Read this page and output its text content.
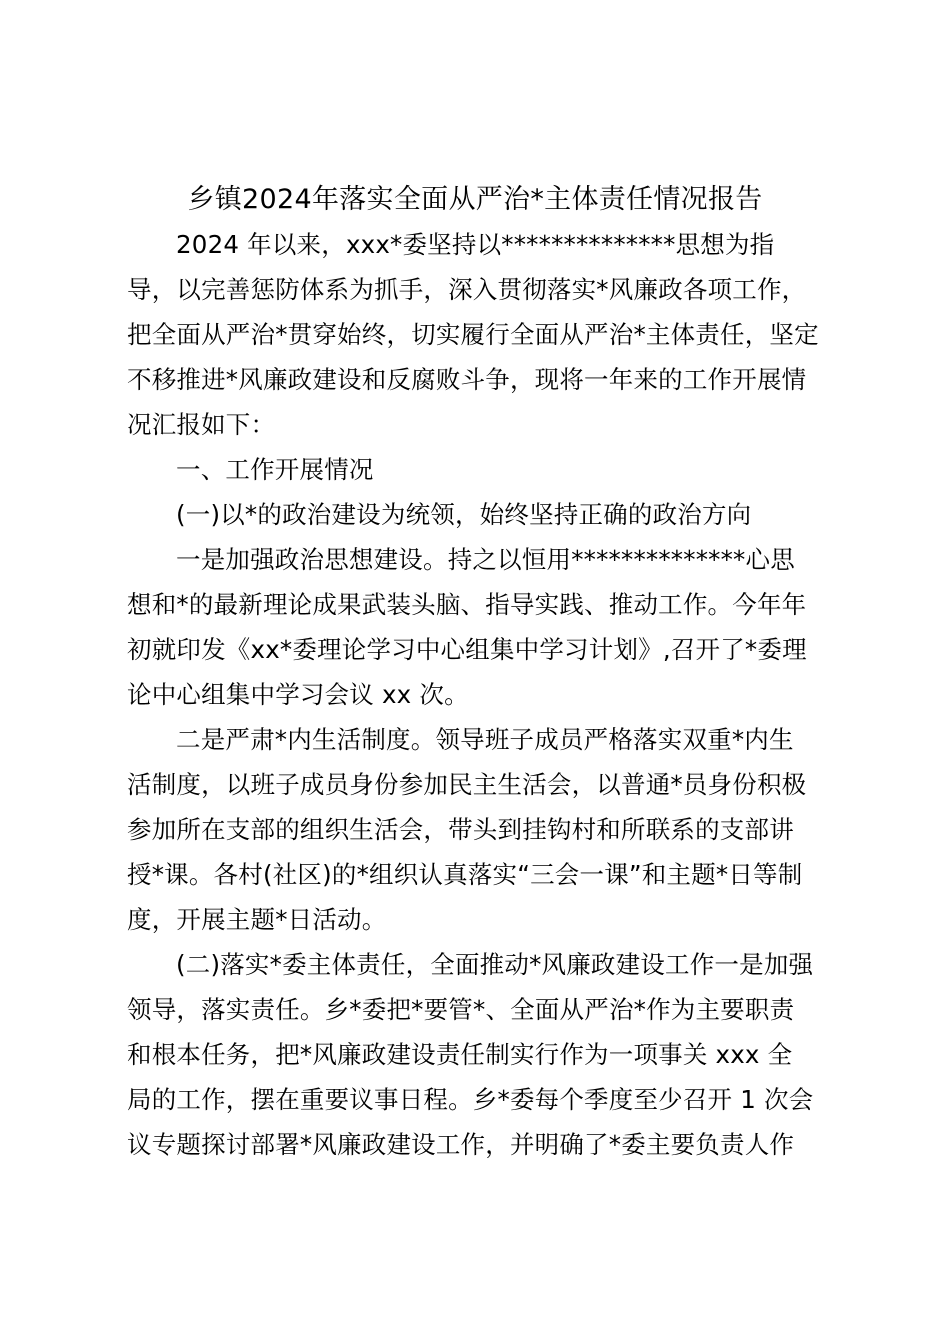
乡镇2024年落实全面从严治*主体责任情况报告
2024 年以来，xxx*委坚持以**************思想为指
导，以完善惩防体系为抓手，深入贯彻落实*风廉政各项工作，
把全面从严治*贯穿始终，切实履行全面从严治*主体责任，坚定
不移推进*风廉政建设和反腐败斗争，现将一年来的工作开展情
况汇报如下：
一、工作开展情况
(一)以*的政治建设为统领，始终坚持正确的政治方向
一是加强政治思想建设。持之以恒用**************心思
想和*的最新理论成果武装头脑、指导实践、推动工作。今年年
初就印发《xx*委理论学习中心组集中学习计划》,召开了*委理
论中心组集中学习会议 xx 次。
二是严肃*内生活制度。领导班子成员严格落实双重*内生
活制度，以班子成员身份参加民主生活会，以普通*员身份积极
参加所在支部的组织生活会，带头到挂钩村和所联系的支部讲
授*课。各村(社区)的*组织认真落实“三会一课”和主题*日等制
度，开展主题*日活动。
(二)落实*委主体责任，全面推动*风廉政建设工作一是加强
领导，落实责任。乡*委把*要管*、全面从严治*作为主要职责
和根本任务，把*风廉政建设责任制实行作为一项事关 xxx 全
局的工作，摆在重要议事日程。乡*委每个季度至少召开 1 次会
议专题探讨部署*风廉政建设工作，并明确了*委主要负责人作
